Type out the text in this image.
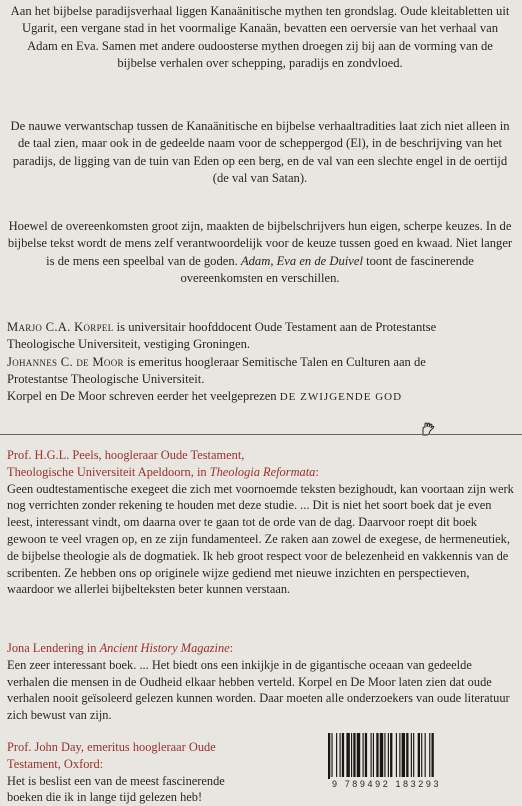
Aan het bijbelse paradijsverhaal liggen Kanaänitische mythen ten grondslag. Oude kleitabletten uit Ugarit, een vergane stad in het voormalige Kanaän, bevatten een oerversie van het verhaal van Adam en Eva. Samen met andere oudoosterse mythen droegen zij bij aan de vorming van de bijbelse verhalen over schepping, paradijs en zondvloed.

De nauwe verwantschap tussen de Kanaänitische en bijbelse verhaaltradities laat zich niet alleen in de taal zien, maar ook in de gedeelde naam voor de scheppergod (El), in de beschrijving van het paradijs, de ligging van de tuin van Eden op een berg, en de val van een slechte engel in de oertijd (de val van Satan).

Hoewel de overeenkomsten groot zijn, maakten de bijbelschrijvers hun eigen, scherpe keuzes. In de bijbelse tekst wordt de mens zelf verantwoordelijk voor de keuze tussen goed en kwaad. Niet langer is de mens een speelbal van de goden. Adam, Eva en de Duivel toont de fascinerende overeenkomsten en verschillen.

Marjo C.A. Korpel is universitair hoofddocent Oude Testament aan de Protestantse Theologische Universiteit, vestiging Groningen.
Johannes C. de Moor is emeritus hoogleraar Semitische Talen en Culturen aan de Protestantse Theologische Universiteit.
Korpel en De Moor schreven eerder het veelgeprezen DE ZWIJGENDE GOD

Prof. H.G.L. Peels, hoogleraar Oude Testament,
Theologische Universiteit Apeldoorn, in Theologia Reformata:
Geen oudtestamentische exegeet die zich met voornoemde teksten bezighoudt, kan voortaan zijn werk nog verrichten zonder rekening te houden met deze studie. ... Dit is niet het soort boek dat je even leest, interessant vindt, om daarna over te gaan tot de orde van de dag. Daarvoor roept dit boek gewoon te veel vragen op, en ze zijn fundamenteel. Ze raken aan zowel de exegese, de hermeneutiek, de bijbelse theologie als de dogmatiek. Ik heb groot respect voor de belezenheid en vakkennis van de scribenten. Ze hebben ons op originele wijze gediend met nieuwe inzichten en perspectieven, waardoor we allerlei bijbelteksten beter kunnen verstaan.

Jona Lendering in Ancient History Magazine:
Een zeer interessant boek. ... Het biedt ons een inkijkje in de gigantische oceaan van gedeelde verhalen die mensen in de Oudheid elkaar hebben verteld. Korpel en De Moor laten zien dat oude verhalen nooit geïsoleerd gelezen kunnen worden. Daar moeten alle onderzoekers van oude literatuur zich bewust van zijn.

Prof. John Day, emeritus hoogleraar Oude Testament, Oxford:
Het is beslist een van de meest fascinerende boeken die ik in lange tijd gelezen heb!

9 789492 183293
